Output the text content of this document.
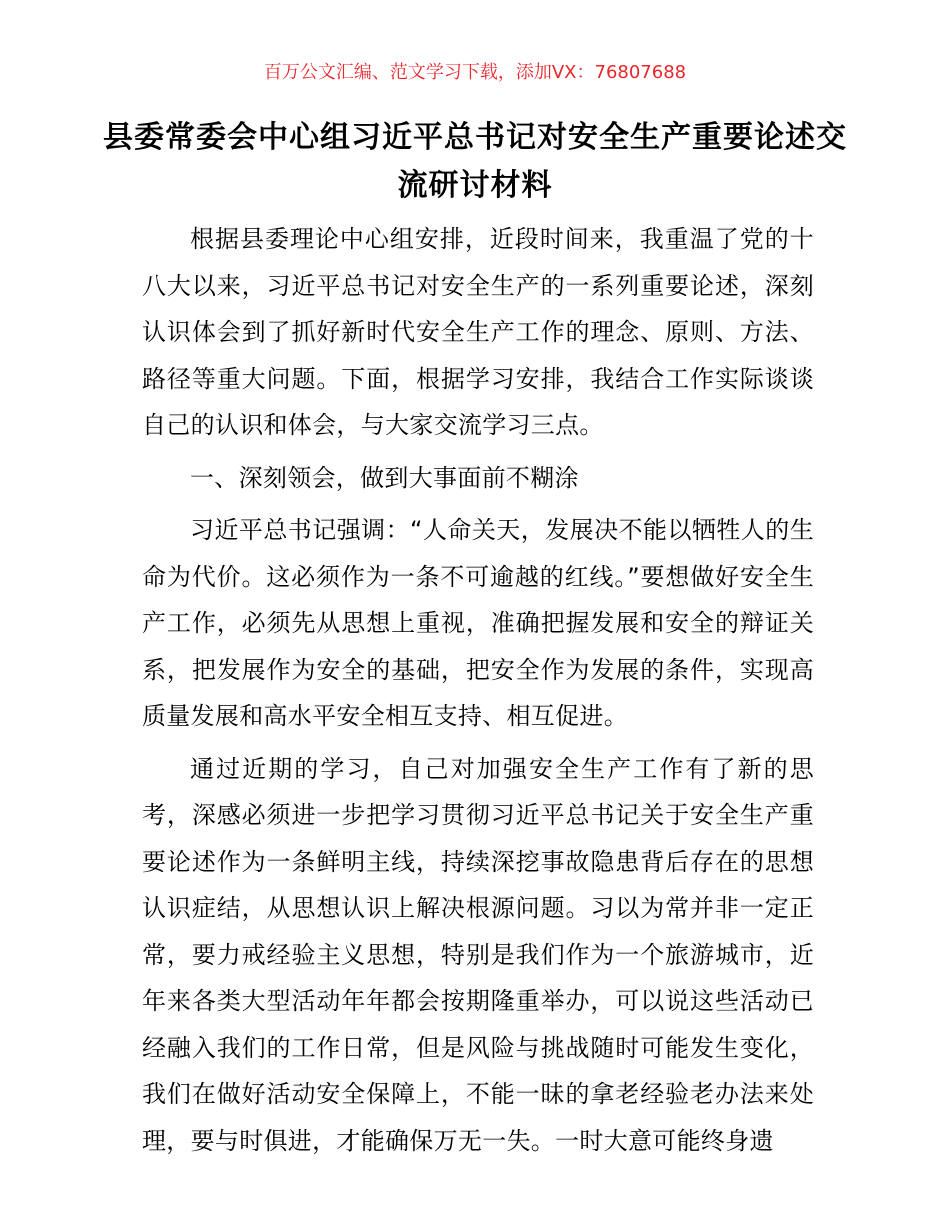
百万公文汇编、范文学习下载，添加VX：76807688
县委常委会中心组习近平总书记对安全生产重要论述交流研讨材料

根据县委理论中心组安排，近段时间来，我重温了党的十八大以来，习近平总书记对安全生产的一系列重要论述，深刻认识体会到了抓好新时代安全生产工作的理念、原则、方法、路径等重大问题。下面，根据学习安排，我结合工作实际谈谈自己的认识和体会，与大家交流学习三点。

一、深刻领会，做到大事面前不糊涂

习近平总书记强调：“人命关天，发展决不能以牺牲人的生命为代价。这必须作为一条不可逾越的红线。”要想做好安全生产工作，必须先从思想上重视，准确把握发展和安全的辩证关系，把发展作为安全的基础，把安全作为发展的条件，实现高质量发展和高水平安全相互支持、相互促进。

通过近期的学习，自己对加强安全生产工作有了新的思考，深感必须进一步把学习贯彻习近平总书记关于安全生产重要论述作为一条鲜明主线，持续深挖事故隐患背后存在的思想认识症结，从思想认识上解决根源问题。习以为常并非一定正常，要力戒经验主义思想，特别是我们作为一个旅游城市，近年来各类大型活动年年都会按期隆重举办，可以说这些活动已经融入我们的工作日常，但是风险与挑战随时可能发生变化，我们在做好活动安全保障上，不能一昧的拿老经验老办法来处理，要与时俱进，才能确保万无一失。一时大意可能终身遗
